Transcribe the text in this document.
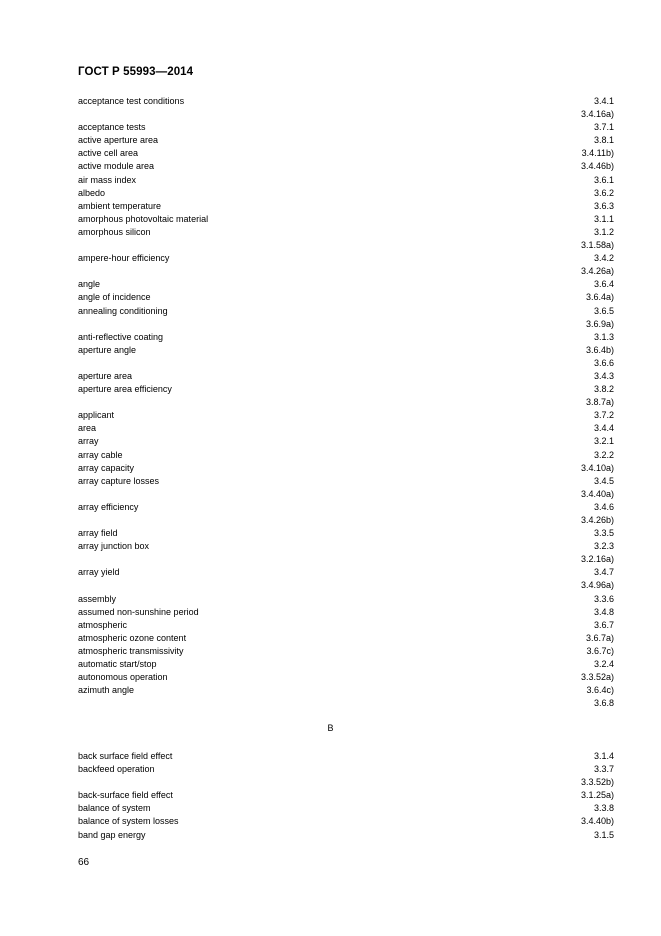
ГОСТ Р 55993—2014
acceptance test conditions	3.4.1
3.4.16a)
acceptance tests	3.7.1
active aperture area	3.8.1
active cell area	3.4.11b)
active module area	3.4.46b)
air mass index	3.6.1
albedo	3.6.2
ambient temperature	3.6.3
amorphous photovoltaic material	3.1.1
amorphous silicon	3.1.2
3.1.58a)
ampere-hour efficiency	3.4.2
3.4.26a)
angle	3.6.4
angle of incidence	3.6.4a)
annealing conditioning	3.6.5
3.6.9a)
anti-reflective coating	3.1.3
aperture angle	3.6.4b)
3.6.6
aperture area	3.4.3
aperture area efficiency	3.8.2
3.8.7a)
applicant	3.7.2
area	3.4.4
array	3.2.1
array cable	3.2.2
array capacity	3.4.10a)
array capture losses	3.4.5
3.4.40a)
array efficiency	3.4.6
3.4.26b)
array field	3.3.5
array junction box	3.2.3
3.2.16a)
array yield	3.4.7
3.4.96a)
assembly	3.3.6
assumed non-sunshine period	3.4.8
atmospheric	3.6.7
atmospheric ozone content	3.6.7a)
atmospheric transmissivity	3.6.7c)
automatic start/stop	3.2.4
autonomous operation	3.3.52a)
azimuth angle	3.6.4c)
3.6.8
B
back surface field effect	3.1.4
backfeed operation	3.3.7
3.3.52b)
back-surface field effect	3.1.25a)
balance of system	3.3.8
balance of system losses	3.4.40b)
band gap energy	3.1.5
66
